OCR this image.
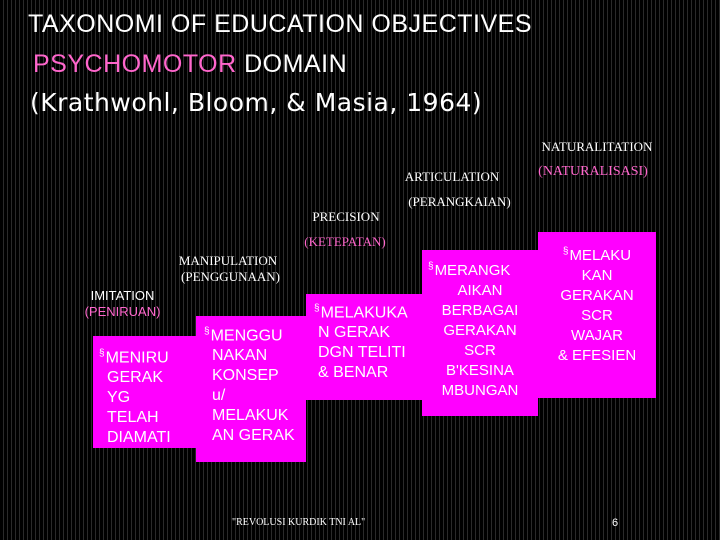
TAXONOMI OF EDUCATION OBJECTIVES
PSYCHOMOTOR DOMAIN
(Krathwohl, Bloom, & Masia, 1964)
NATURALITATION
(NATURALISASI)
ARTICULATION
(PERANGKAIAN)
PRECISION
(KETEPATAN)
MANIPULATION
(PENGGUNAAN)
IMITATION
(PENIRUAN)
§MENIRU
GERAK
YG
TELAH
DIAMATI
§MENGGU
NAKAN
KONSEP
u/
MELAKUK
AN GERAK
§MELAKUKA
N GERAK
DGN TELITI
& BENAR
§MERANGK
AIKAN
BERBAGAI
GERAKAN
SCR
B'KESINA
MBUNGAN
§MELAKU
KAN
GERAKAN
SCR
WAJAR
& EFESIEN
"REVOLUSI KURDIK TNI AL"	6
